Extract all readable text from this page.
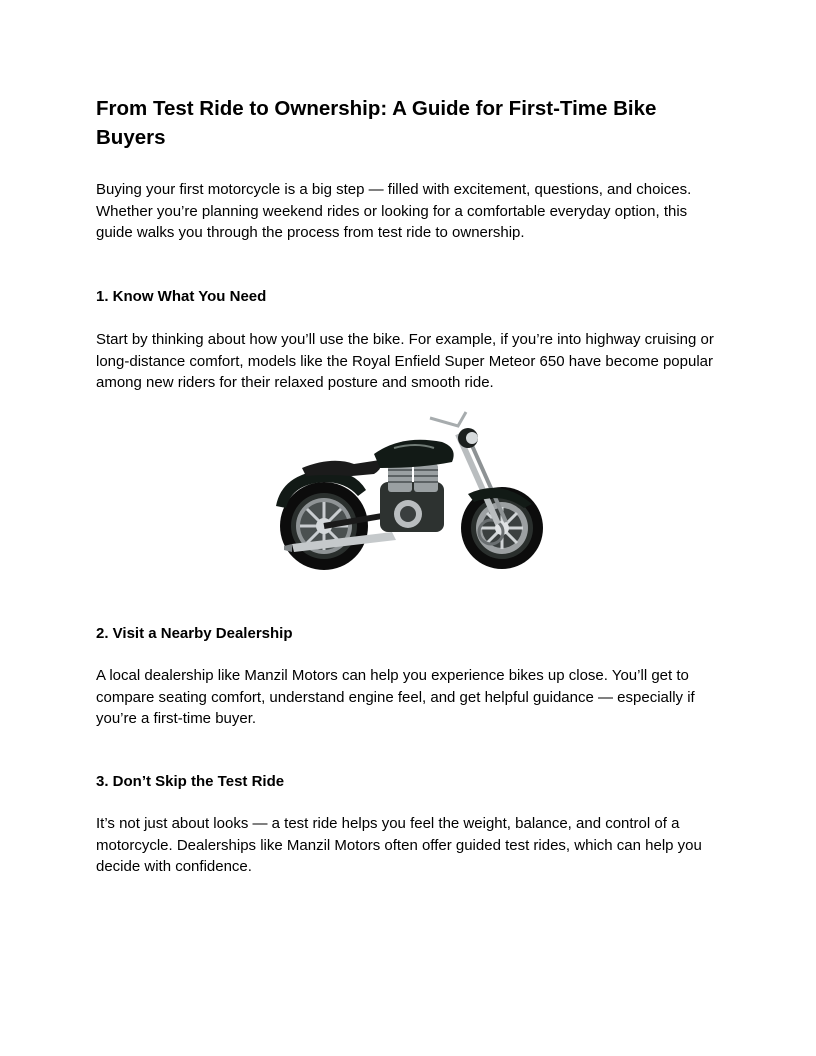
From Test Ride to Ownership: A Guide for First-Time Bike Buyers

Buying your first motorcycle is a big step — filled with excitement, questions, and choices. Whether you’re planning weekend rides or looking for a comfortable everyday option, this guide walks you through the process from test ride to ownership.

1. Know What You Need

Start by thinking about how you’ll use the bike. For example, if you’re into highway cruising or long-distance comfort, models like the Royal Enfield Super Meteor 650 have become popular among new riders for their relaxed posture and smooth ride.

2. Visit a Nearby Dealership

A local dealership like Manzil Motors can help you experience bikes up close. You’ll get to compare seating comfort, understand engine feel, and get helpful guidance — especially if you’re a first-time buyer.

3. Don’t Skip the Test Ride

It’s not just about looks — a test ride helps you feel the weight, balance, and control of a motorcycle. Dealerships like Manzil Motors often offer guided test rides, which can help you decide with confidence.
